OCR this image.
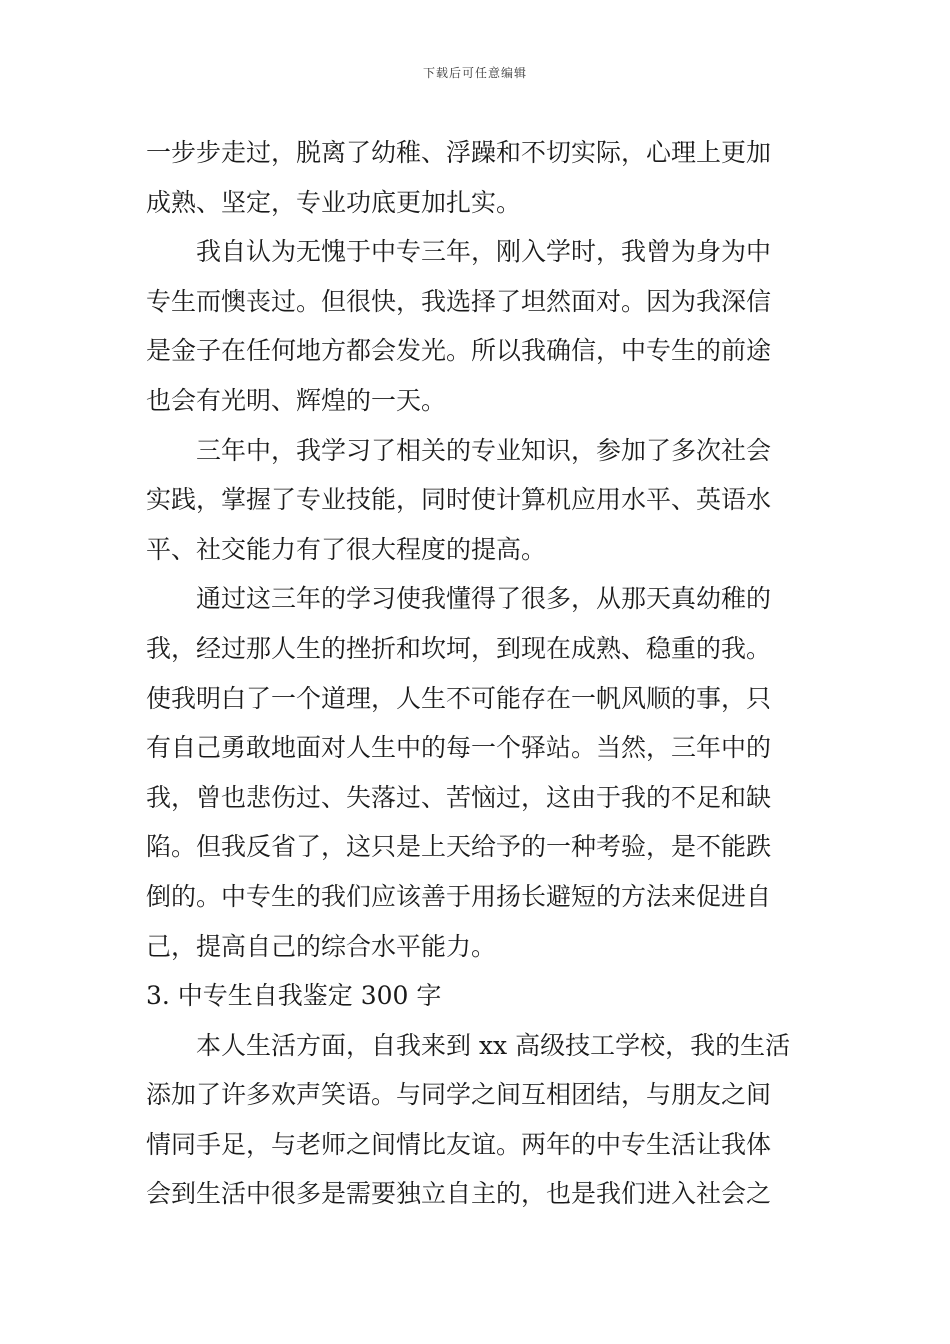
下载后可任意编辑
一步步走过，脱离了幼稚、浮躁和不切实际，心理上更加
成熟、坚定，专业功底更加扎实。
我自认为无愧于中专三年，刚入学时，我曾为身为中
专生而懊丧过。但很快，我选择了坦然面对。因为我深信
是金子在任何地方都会发光。所以我确信，中专生的前途
也会有光明、辉煌的一天。
三年中，我学习了相关的专业知识，参加了多次社会
实践，掌握了专业技能，同时使计算机应用水平、英语水
平、社交能力有了很大程度的提高。
通过这三年的学习使我懂得了很多，从那天真幼稚的
我，经过那人生的挫折和坎坷，到现在成熟、稳重的我。
使我明白了一个道理，人生不可能存在一帆风顺的事，只
有自己勇敢地面对人生中的每一个驿站。当然，三年中的
我，曾也悲伤过、失落过、苦恼过，这由于我的不足和缺
陷。但我反省了，这只是上天给予的一种考验，是不能跌
倒的。中专生的我们应该善于用扬长避短的方法来促进自
己，提高自己的综合水平能力。
3. 中专生自我鉴定 300 字
本人生活方面，自我来到 xx 高级技工学校，我的生活
添加了许多欢声笑语。与同学之间互相团结，与朋友之间
情同手足，与老师之间情比友谊。两年的中专生活让我体
会到生活中很多是需要独立自主的，也是我们进入社会之
